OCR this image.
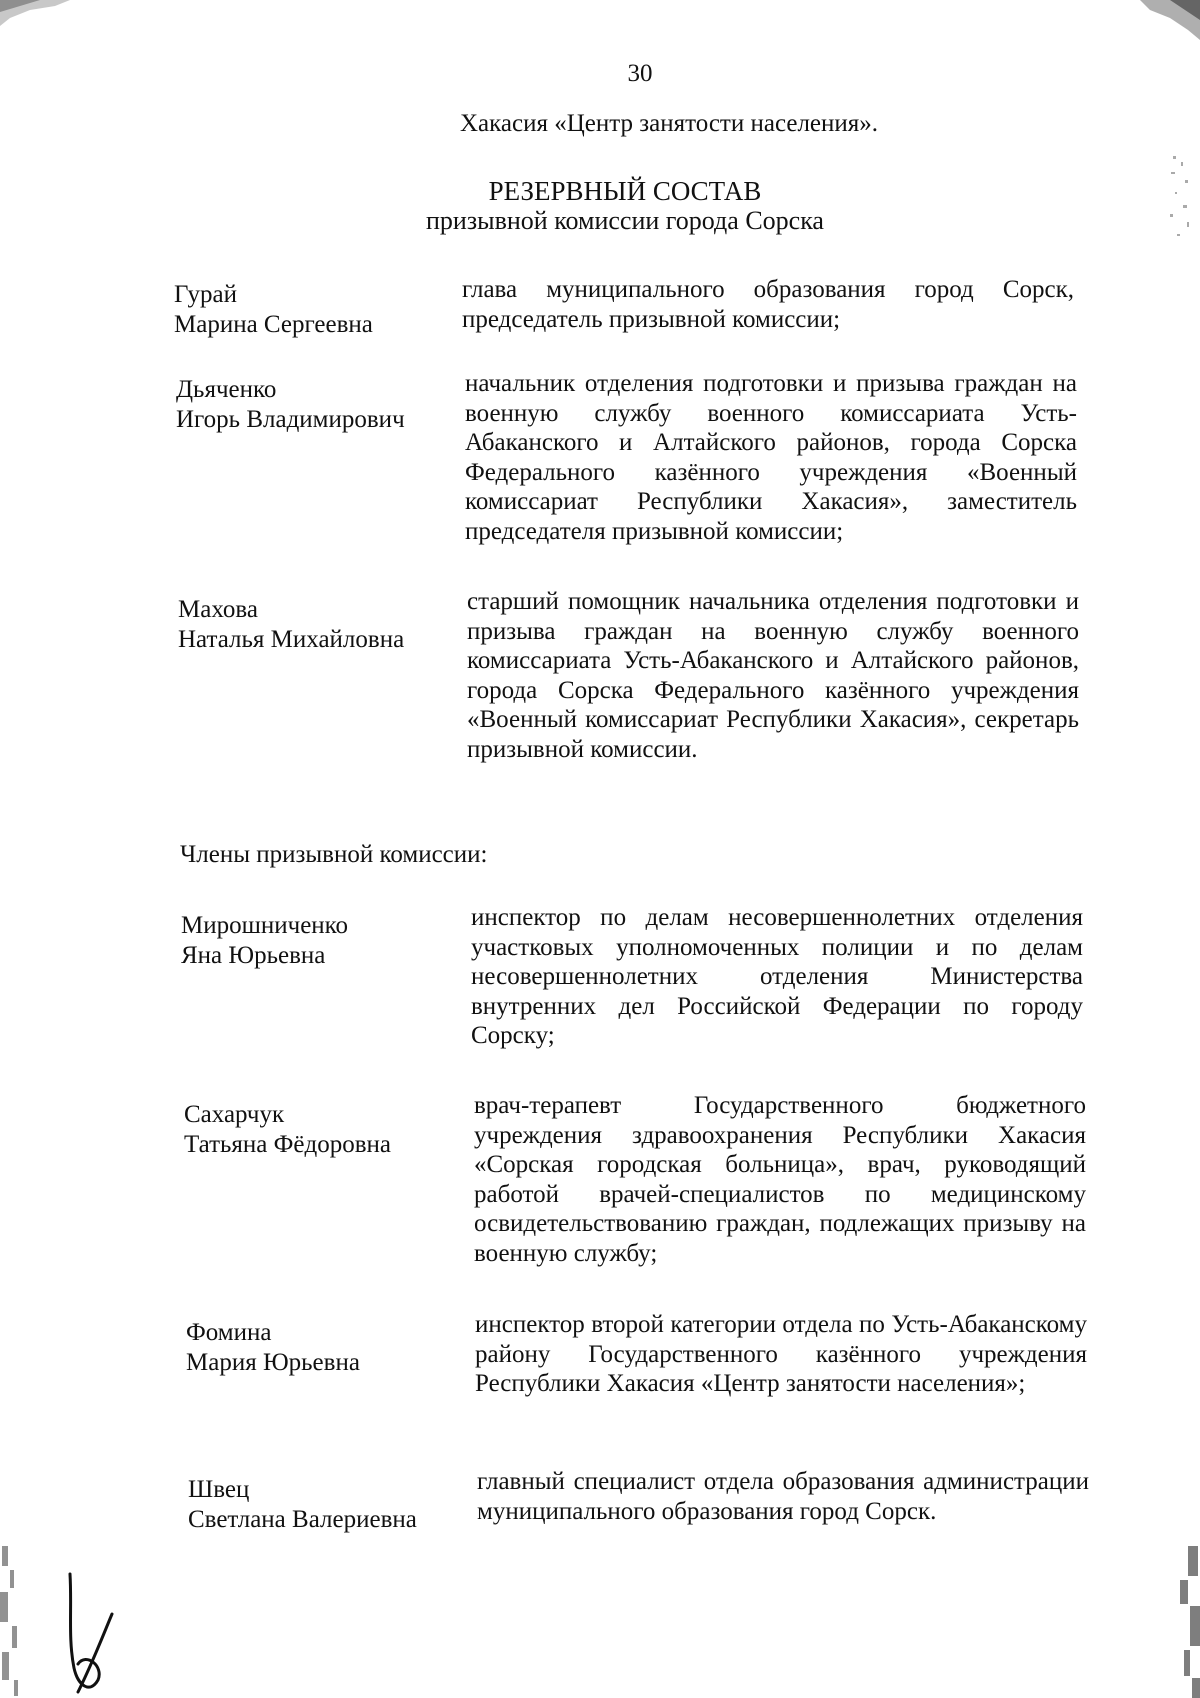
30
Хакасия «Центр занятости населения».
РЕЗЕРВНЫЙ СОСТАВ
призывной комиссии города Сорска
Гурай
Марина Сергеевна
глава муниципального образования город Сорск, председатель призывной комиссии;
Дьяченко
Игорь Владимирович
начальник отделения подготовки и призыва граждан на военную службу военного комиссариата Усть-Абаканского и Алтайского районов, города Сорска Федерального казённого учреждения «Военный комиссариат Республики Хакасия», заместитель председателя призывной комиссии;
Махова
Наталья Михайловна
старший помощник начальника отделения подготовки и призыва граждан на военную службу военного комиссариата Усть-Абаканского и Алтайского районов, города Сорска Федерального казённого учреждения «Военный комиссариат Республики Хакасия», секретарь призывной комиссии.
Члены призывной комиссии:
Мирошниченко
Яна Юрьевна
инспектор по делам несовершеннолетних отделения участковых уполномоченных полиции и по делам несовершеннолетних отделения Министерства внутренних дел Российской Федерации по городу Сорску;
Сахарчук
Татьяна Фёдоровна
врач-терапевт Государственного бюджетного учреждения здравоохранения Республики Хакасия «Сорская городская больница», врач, руководящий работой врачей-специалистов по медицинскому освидетельствованию граждан, подлежащих призыву на военную службу;
Фомина
Мария Юрьевна
инспектор второй категории отдела по Усть-Абаканскому району Государственного казённого учреждения Республики Хакасия «Центр занятости населения»;
Швец
Светлана Валериевна
главный специалист отдела образования администрации муниципального образования город Сорск.
